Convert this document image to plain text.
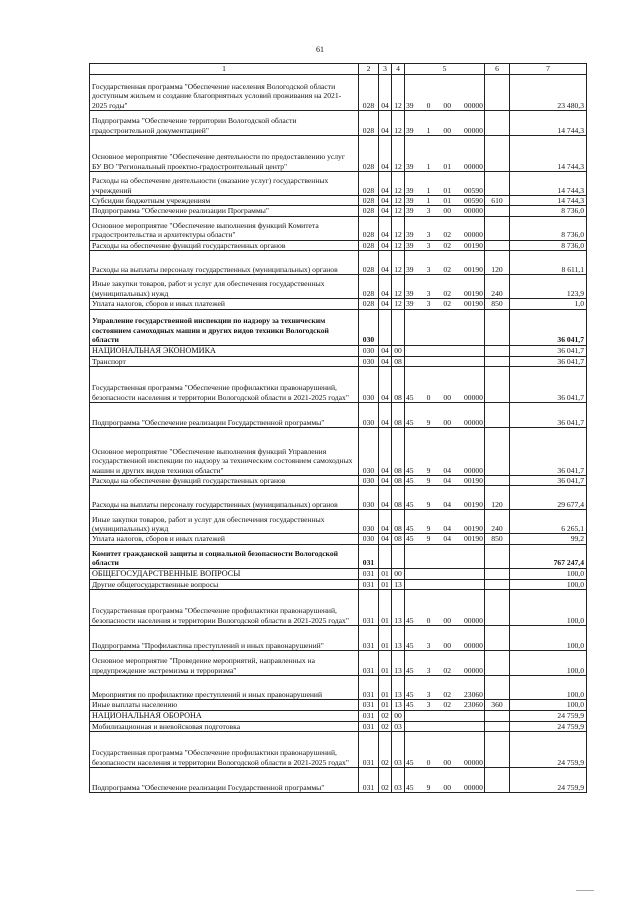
61
1	2	3	4	5	6	7
Государственная программа "Обеспечение населения Вологодской области доступным жильем и создание благоприятных условий проживания на 2021-2025 годы"	028	04	12	39 0 00 00000		23 480,3
Подпрограмма "Обеспечение территории Вологодской области градостроительной документацией"	028	04	12	39 1 00 00000		14 744,3
Основное мероприятие "Обеспечение деятельности по предоставлению услуг БУ ВО "Региональный проектно-градостроительный центр"	028	04	12	39 1 01 00000		14 744,3
Расходы на обеспечение деятельности (оказание услуг) государственных учреждений	028	04	12	39 1 01 00590		14 744,3
Субсидии бюджетным учреждениям	028	04	12	39 1 01 00590	610	14 744,3
Подпрограмма "Обеспечение реализации Программы"	028	04	12	39 3 00 00000		8 736,0
Основное мероприятие "Обеспечение выполнения функций Комитета градостроительства и архитектуры области"	028	04	12	39 3 02 00000		8 736,0
Расходы на обеспечение функций государственных органов	028	04	12	39 3 02 00190		8 736,0
Расходы на выплаты персоналу государственных (муниципальных) органов	028	04	12	39 3 02 00190	120	8 611,1
Иные закупки товаров, работ и услуг для обеспечения государственных (муниципальных) нужд	028	04	12	39 3 02 00190	240	123,9
Уплата налогов, сборов и иных платежей	028	04	12	39 3 02 00190	850	1,0
Управление государственной инспекции по надзору за техническим состоянием самоходных машин и других видов техники Вологодской области	030					36 041,7
НАЦИОНАЛЬНАЯ ЭКОНОМИКА	030	04	00			36 041,7
Транспорт	030	04	08			36 041,7
Государственная программа "Обеспечение профилактики правонарушений, безопасности населения и территории Вологодской области в 2021-2025 годах"	030	04	08	45 0 00 00000		36 041,7
Подпрограмма "Обеспечение реализации Государственной программы"	030	04	08	45 9 00 00000		36 041,7
Основное мероприятие "Обеспечение выполнения функций Управления государственной инспекции по надзору за техническим состоянием самоходных машин и других видов техники области"	030	04	08	45 9 04 00000		36 041,7
Расходы на обеспечение функций государственных органов	030	04	08	45 9 04 00190		36 041,7
Расходы на выплаты персоналу государственных (муниципальных) органов	030	04	08	45 9 04 00190	120	29 677,4
Иные закупки товаров, работ и услуг для обеспечения государственных (муниципальных) нужд	030	04	08	45 9 04 00190	240	6 265,1
Уплата налогов, сборов и иных платежей	030	04	08	45 9 04 00190	850	99,2
Комитет гражданской защиты и социальной безопасности Вологодской области	031					767 247,4
ОБЩЕГОСУДАРСТВЕННЫЕ ВОПРОСЫ	031	01	00			100,0
Другие общегосударственные вопросы	031	01	13			100,0
Государственная программа "Обеспечение профилактики правонарушений, безопасности населения и территории Вологодской области в 2021-2025 годах"	031	01	13	45 0 00 00000		100,0
Подпрограмма "Профилактика преступлений и иных правонарушений"	031	01	13	45 3 00 00000		100,0
Основное мероприятие "Проведение мероприятий, направленных на предупреждение экстремизма и терроризма"	031	01	13	45 3 02 00000		100,0
Мероприятия по профилактике преступлений и иных правонарушений	031	01	13	45 3 02 23060		100,0
Иные выплаты населению	031	01	13	45 3 02 23060	360	100,0
НАЦИОНАЛЬНАЯ ОБОРОНА	031	02	00			24 759,9
Мобилизационная и вневойсковая подготовка	031	02	03			24 759,9
Государственная программа "Обеспечение профилактики правонарушений, безопасности населения и территории Вологодской области в 2021-2025 годах"	031	02	03	45 0 00 00000		24 759,9
Подпрограмма "Обеспечение реализации Государственной программы"	031	02	03	45 9 00 00000		24 759,9
